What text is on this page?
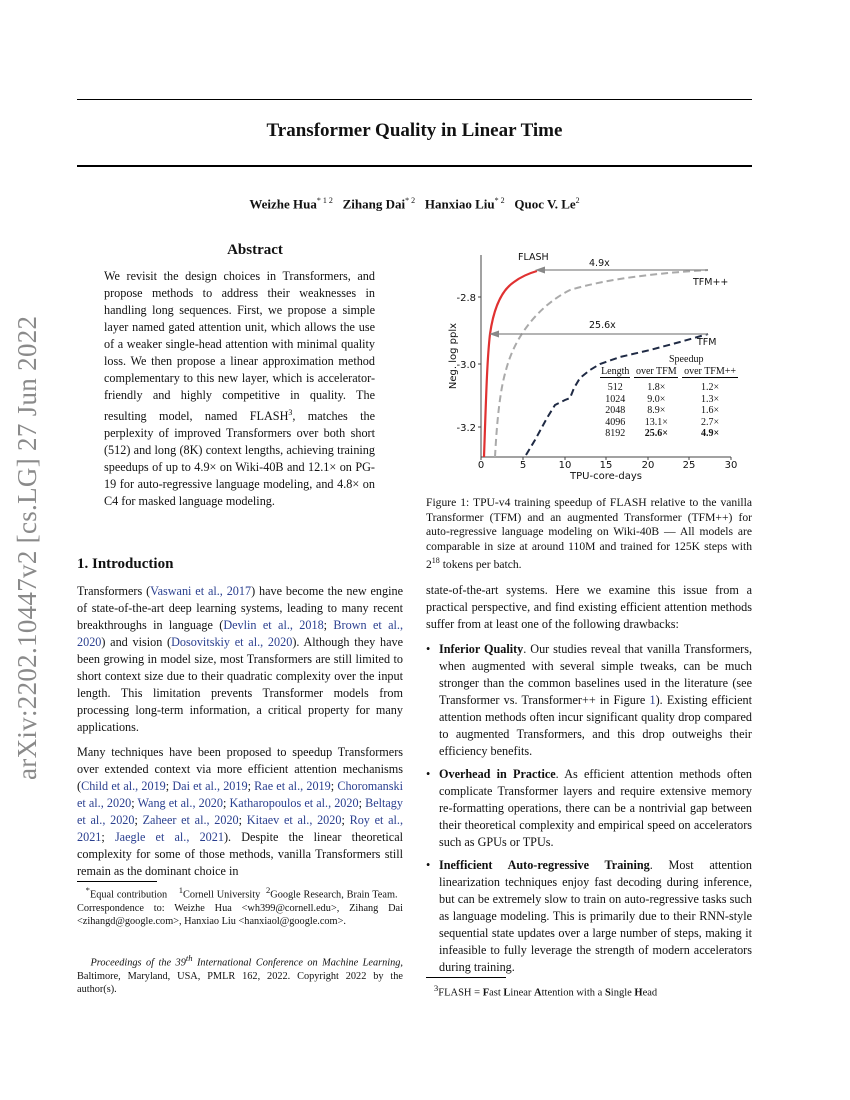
Transformer Quality in Linear Time
Weizhe Hua$^{* 1 2}$ Zihang Dai$^{* 2}$ Hanxiao Liu$^{* 2}$ Quoc V. Le$^2$
arXiv:2202.10447v2 [cs.LG] 27 Jun 2022
Abstract
We revisit the design choices in Transformers, and propose methods to address their weaknesses in handling long sequences. First, we propose a simple layer named gated attention unit, which allows the use of a weaker single-head attention with minimal quality loss. We then propose a linear approximation method complementary to this new layer, which is accelerator-friendly and highly competitive in quality. The resulting model, named FLASH$^3$, matches the perplexity of improved Transformers over both short (512) and long (8K) context lengths, achieving training speedups of up to 4.9× on Wiki-40B and 12.1× on PG-19 for auto-regressive language modeling, and 4.8× on C4 for masked language modeling.
1. Introduction

Transformers (Vaswani et al., 2017) have become the new engine of state-of-the-art deep learning systems, leading to many recent breakthroughs in language (Devlin et al., 2018; Brown et al., 2020) and vision (Dosovitskiy et al., 2020). Although they have been growing in model size, most Transformers are still limited to short context size due to their quadratic complexity over the input length. This limitation prevents Transformer models from processing long-term information, a critical property for many applications.

Many techniques have been proposed to speedup Transformers over extended context via more efficient attention mechanisms (Child et al., 2019; Dai et al., 2019; Rae et al., 2019; Choromanski et al., 2020; Wang et al., 2020; Katharopoulos et al., 2020; Beltagy et al., 2020; Zaheer et al., 2020; Kitaev et al., 2020; Roy et al., 2021; Jaegle et al., 2021). Despite the linear theoretical complexity for some of those methods, vanilla Transformers still remain as the dominant choice in

*Equal contribution $^1$Cornell University $^2$Google Research, Brain Team.   Correspondence to: Weizhe Hua <wh399@cornell.edu>, Zihang Dai <zihangd@google.com>, Hanxiao Liu <hanxiaol@google.com>.
Proceedings of the 39th International Conference on Machine Learning, Baltimore, Maryland, USA, PMLR 162, 2022. Copyright 2022 by the author(s).
0	5	10	15	20	25	30
TPU-core-days
-2.8
-3.0
-3.2
Neg. log pplx
FLASH
4.9x
TFM++
25.6x
TFM
	Speedup	
Length	over TFM	over TFM++

512	1.8×	1.2×
1024	9.0×	1.3×
2048	8.9×	1.6×
4096	13.1×	2.7×
8192	25.6×	4.9×
Figure 1: TPU-v4 training speedup of FLASH relative to the vanilla Transformer (TFM) and an augmented Transformer (TFM++) for auto-regressive language modeling on Wiki-40B — All models are comparable in size at around 110M and trained for 125K steps with $2^{18}$ tokens per batch.

state-of-the-art systems. Here we examine this issue from a practical perspective, and find existing efficient attention methods suffer from at least one of the following drawbacks:

• Inferior Quality. Our studies reveal that vanilla Transformers, when augmented with several simple tweaks, can be much stronger than the common baselines used in the literature (see Transformer vs. Transformer++ in Figure 1). Existing efficient attention methods often incur significant quality drop compared to augmented Transformers, and this drop outweighs their efficiency benefits.
• Overhead in Practice. As efficient attention methods often complicate Transformer layers and require extensive memory re-formatting operations, there can be a nontrivial gap between their theoretical complexity and empirical speed on accelerators such as GPUs or TPUs.
• Inefficient Auto-regressive Training. Most attention linearization techniques enjoy fast decoding during inference, but can be extremely slow to train on auto-regressive tasks such as language modeling. This is primarily due to their RNN-style sequential state updates over a large number of steps, making it infeasible to fully leverage the strength of modern accelerators during training.
$^3$FLASH = Fast Linear Attention with a Single Head
